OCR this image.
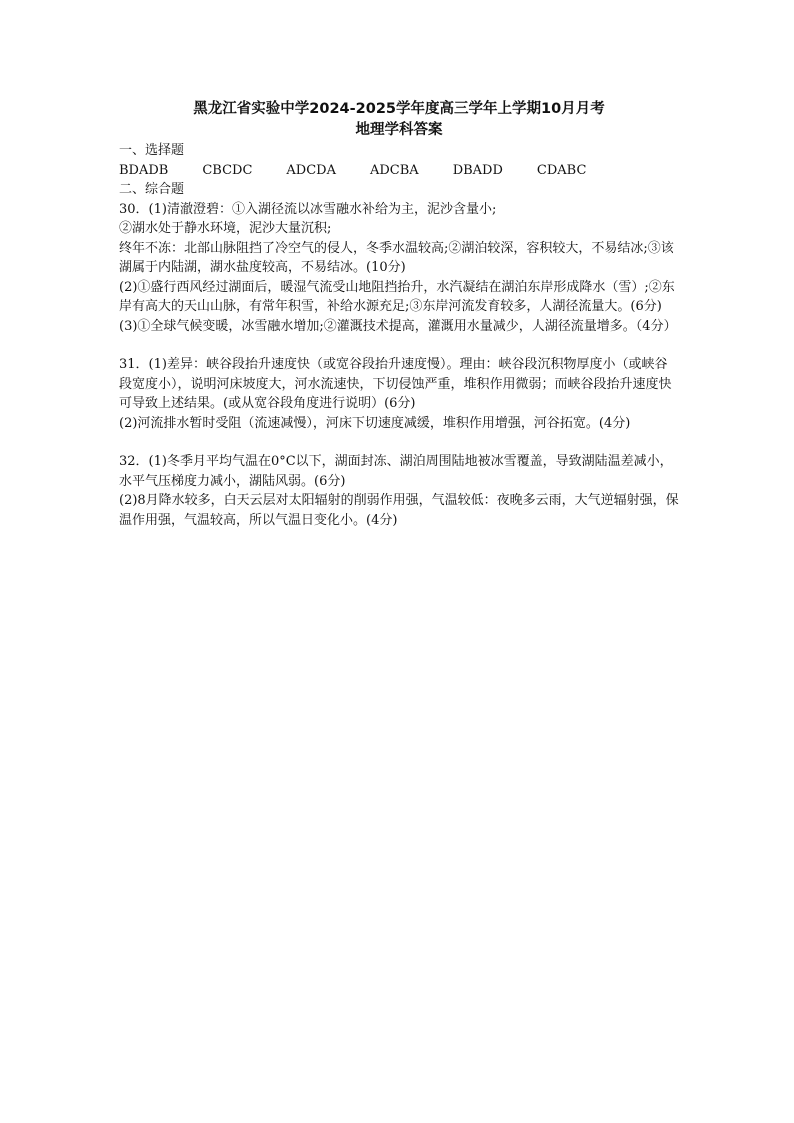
黑龙江省实验中学2024-2025学年度高三学年上学期10月月考

地理学科答案

一、选择题

BDADB	CBCDC	ADCDA	ADCBA	DBADD	CDABC

二、综合题

30．(1)清澈澄碧：①入湖径流以冰雪融水补给为主，泥沙含量小;

②湖水处于静水环境，泥沙大量沉积;

终年不冻：北部山脉阻挡了冷空气的侵人，冬季水温较高;②湖泊较深，容积较大，不易结冰;③该湖属于内陆湖，湖水盐度较高，不易结冰。(10分)

(2)①盛行西风经过湖面后，暖湿气流受山地阻挡抬升，水汽凝结在湖泊东岸形成降水（雪）;②东岸有高大的天山山脉，有常年积雪，补给水源充足;③东岸河流发育较多，人湖径流量大。(6分)

(3)①全球气候变暖，冰雪融水增加;②灌溉技术提高，灌溉用水量减少，人湖径流量增多。（4分）

31．(1)差异：峡谷段抬升速度快（或宽谷段抬升速度慢）。理由：峡谷段沉积物厚度小（或峡谷段宽度小），说明河床坡度大，河水流速快，下切侵蚀严重，堆积作用微弱；而峡谷段抬升速度快可导致上述结果。(或从宽谷段角度进行说明）(6分)

(2)河流排水暂时受阻（流速减慢），河床下切速度减缓，堆积作用增强，河谷拓宽。(4分)

32．(1)冬季月平均气温在0°C以下，湖面封冻、湖泊周围陆地被冰雪覆盖，导致湖陆温差减小，水平气压梯度力减小，湖陆风弱。(6分)

(2)8月降水较多，白天云层对太阳辐射的削弱作用强，气温较低：夜晚多云雨，大气逆辐射强，保温作用强，气温较高，所以气温日变化小。(4分)
